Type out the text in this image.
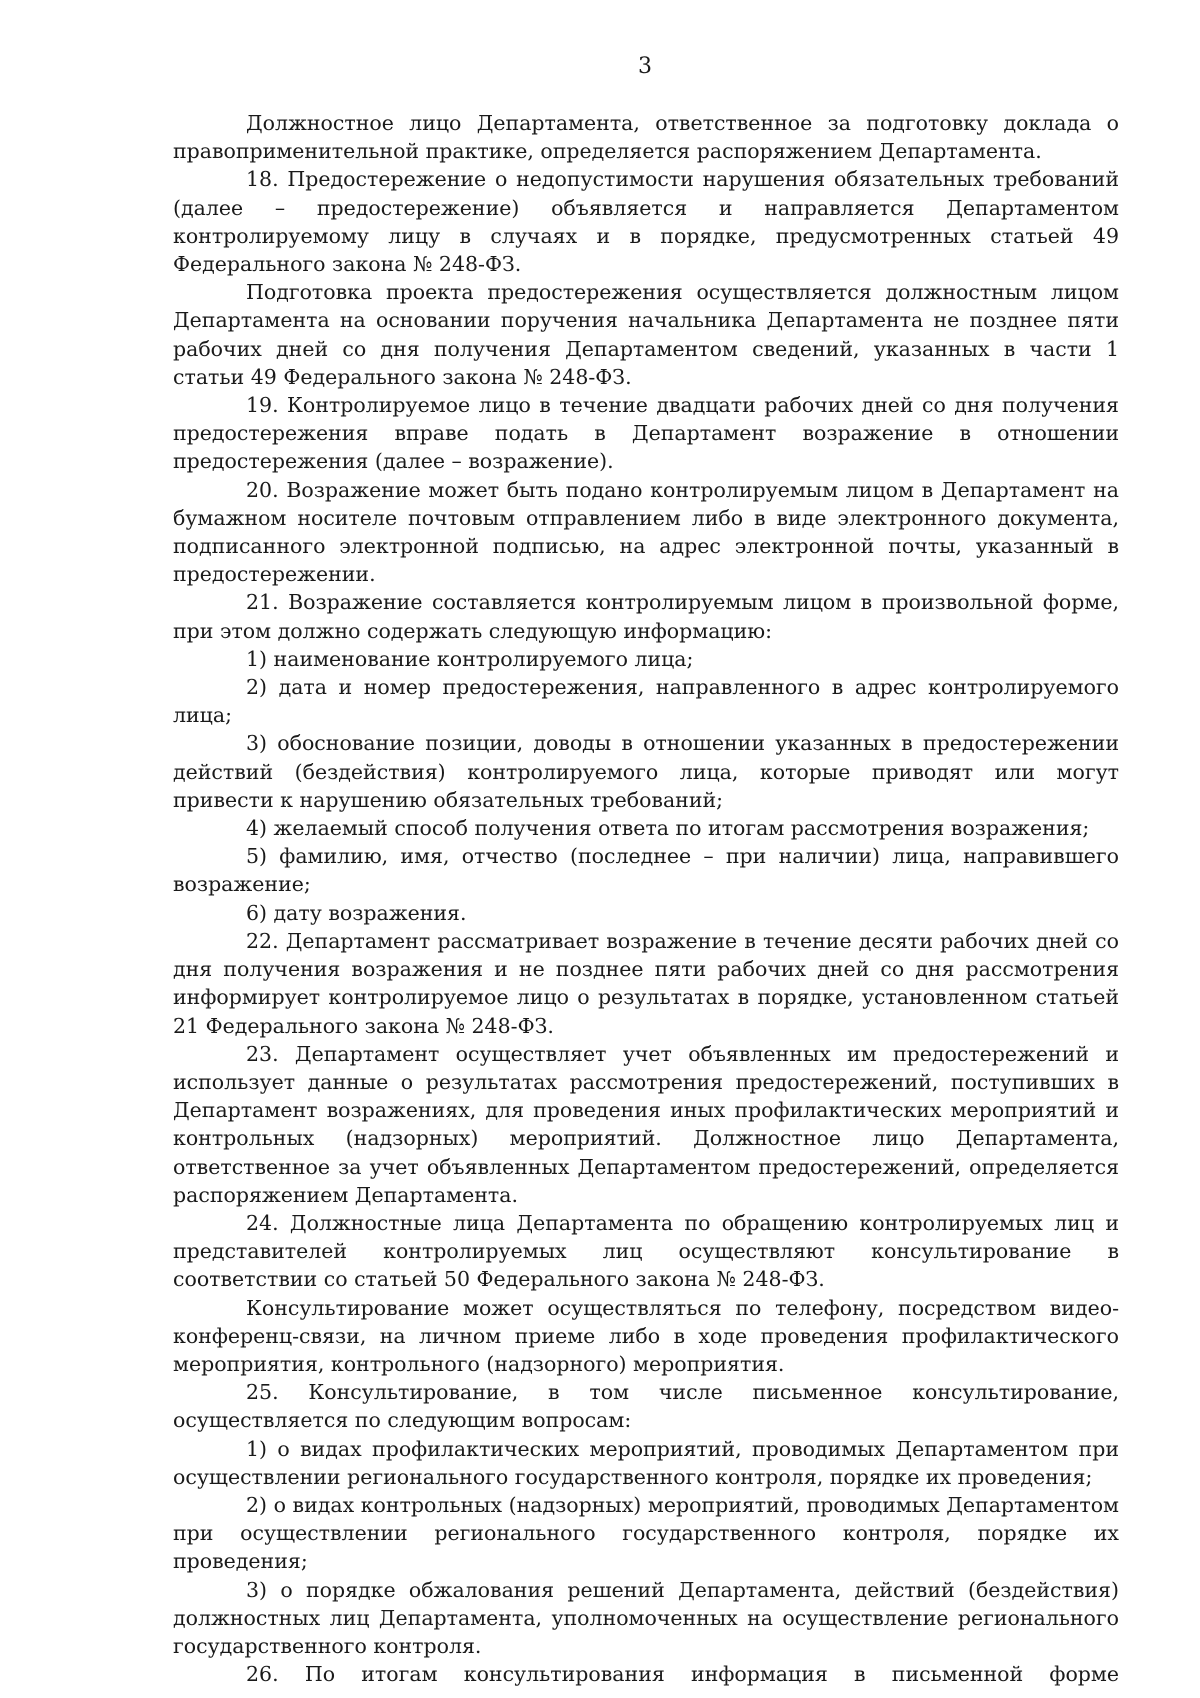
3

Должностное лицо Департамента, ответственное за подготовку доклада о правоприменительной практике, определяется распоряжением Департамента.

18. Предостережение о недопустимости нарушения обязательных требований (далее – предостережение) объявляется и направляется Департаментом контролируемому лицу в случаях и в порядке, предусмотренных статьей 49 Федерального закона № 248-ФЗ.

Подготовка проекта предостережения осуществляется должностным лицом Департамента на основании поручения начальника Департамента не позднее пяти рабочих дней со дня получения Департаментом сведений, указанных в части 1 статьи 49 Федерального закона № 248-ФЗ.

19. Контролируемое лицо в течение двадцати рабочих дней со дня получения предостережения вправе подать в Департамент возражение в отношении предостережения (далее – возражение).

20. Возражение может быть подано контролируемым лицом в Департамент на бумажном носителе почтовым отправлением либо в виде электронного документа, подписанного электронной подписью, на адрес электронной почты, указанный в предостережении.

21. Возражение составляется контролируемым лицом в произвольной форме, при этом должно содержать следующую информацию:

1) наименование контролируемого лица;

2) дата и номер предостережения, направленного в адрес контролируемого лица;

3) обоснование позиции, доводы в отношении указанных в предостережении действий (бездействия) контролируемого лица, которые приводят или могут привести к нарушению обязательных требований;

4) желаемый способ получения ответа по итогам рассмотрения возражения;

5) фамилию, имя, отчество (последнее – при наличии) лица, направившего возражение;

6) дату возражения.

22. Департамент рассматривает возражение в течение десяти рабочих дней со дня получения возражения и не позднее пяти рабочих дней со дня рассмотрения информирует контролируемое лицо о результатах в порядке, установленном статьей 21 Федерального закона № 248-ФЗ.

23. Департамент осуществляет учет объявленных им предостережений и использует данные о результатах рассмотрения предостережений, поступивших в Департамент возражениях, для проведения иных профилактических мероприятий и контрольных (надзорных) мероприятий. Должностное лицо Департамента, ответственное за учет объявленных Департаментом предостережений, определяется распоряжением Департамента.

24. Должностные лица Департамента по обращению контролируемых лиц и представителей контролируемых лиц осуществляют консультирование в соответствии со статьей 50 Федерального закона № 248-ФЗ.

Консультирование может осуществляться по телефону, посредством видео-конференц-связи, на личном приеме либо в ходе проведения профилактического мероприятия, контрольного (надзорного) мероприятия.

25. Консультирование, в том числе письменное консультирование, осуществляется по следующим вопросам:

1) о видах профилактических мероприятий, проводимых Департаментом при осуществлении регионального государственного контроля, порядке их проведения;

2) о видах контрольных (надзорных) мероприятий, проводимых Департаментом при осуществлении регионального государственного контроля, порядке их проведения;

3) о порядке обжалования решений Департамента, действий (бездействия) должностных лиц Департамента, уполномоченных на осуществление регионального государственного контроля.

26. По итогам консультирования информация в письменной форме
